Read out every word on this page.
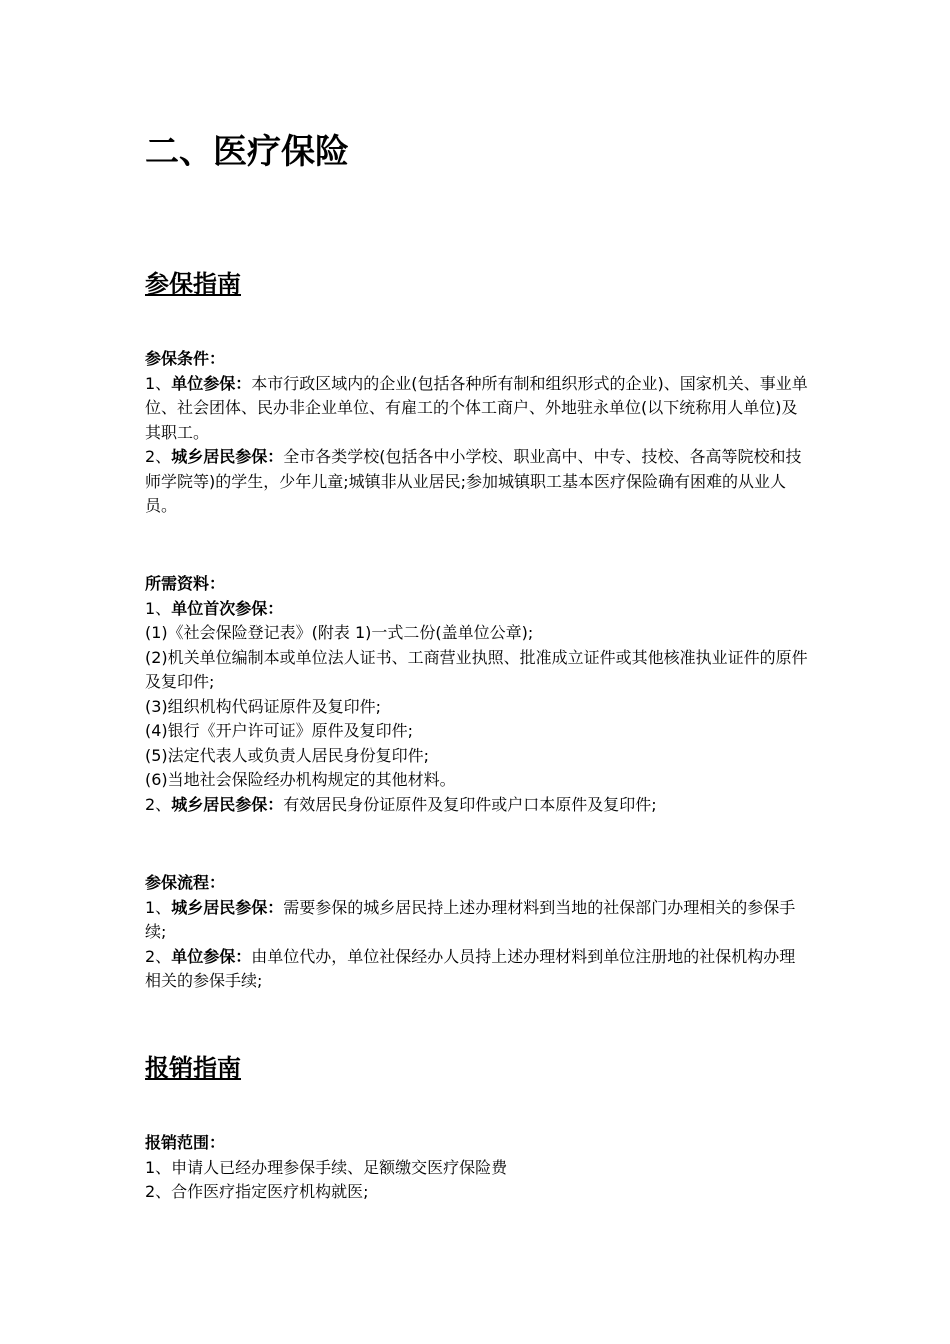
二、医疗保险
参保指南

参保条件：

1、单位参保：本市行政区域内的企业(包括各种所有制和组织形式的企业)、国家机关、事业单位、社会团体、民办非企业单位、有雇工的个体工商户、外地驻永单位(以下统称用人单位)及其职工。

2、城乡居民参保：全市各类学校(包括各中小学校、职业高中、中专、技校、各高等院校和技师学院等)的学生，少年儿童;城镇非从业居民;参加城镇职工基本医疗保险确有困难的从业人员。

所需资料：

1、单位首次参保：

(1)《社会保险登记表》(附表 1)一式二份(盖单位公章);

(2)机关单位编制本或单位法人证书、工商营业执照、批准成立证件或其他核准执业证件的原件及复印件;

(3)组织机构代码证原件及复印件;

(4)银行《开户许可证》原件及复印件;

(5)法定代表人或负责人居民身份复印件;

(6)当地社会保险经办机构规定的其他材料。

2、城乡居民参保：有效居民身份证原件及复印件或户口本原件及复印件;

参保流程：

1、城乡居民参保：需要参保的城乡居民持上述办理材料到当地的社保部门办理相关的参保手续;

2、单位参保：由单位代办，单位社保经办人员持上述办理材料到单位注册地的社保机构办理相关的参保手续;

报销指南

报销范围：

1、申请人已经办理参保手续、足额缴交医疗保险费

2、合作医疗指定医疗机构就医;
